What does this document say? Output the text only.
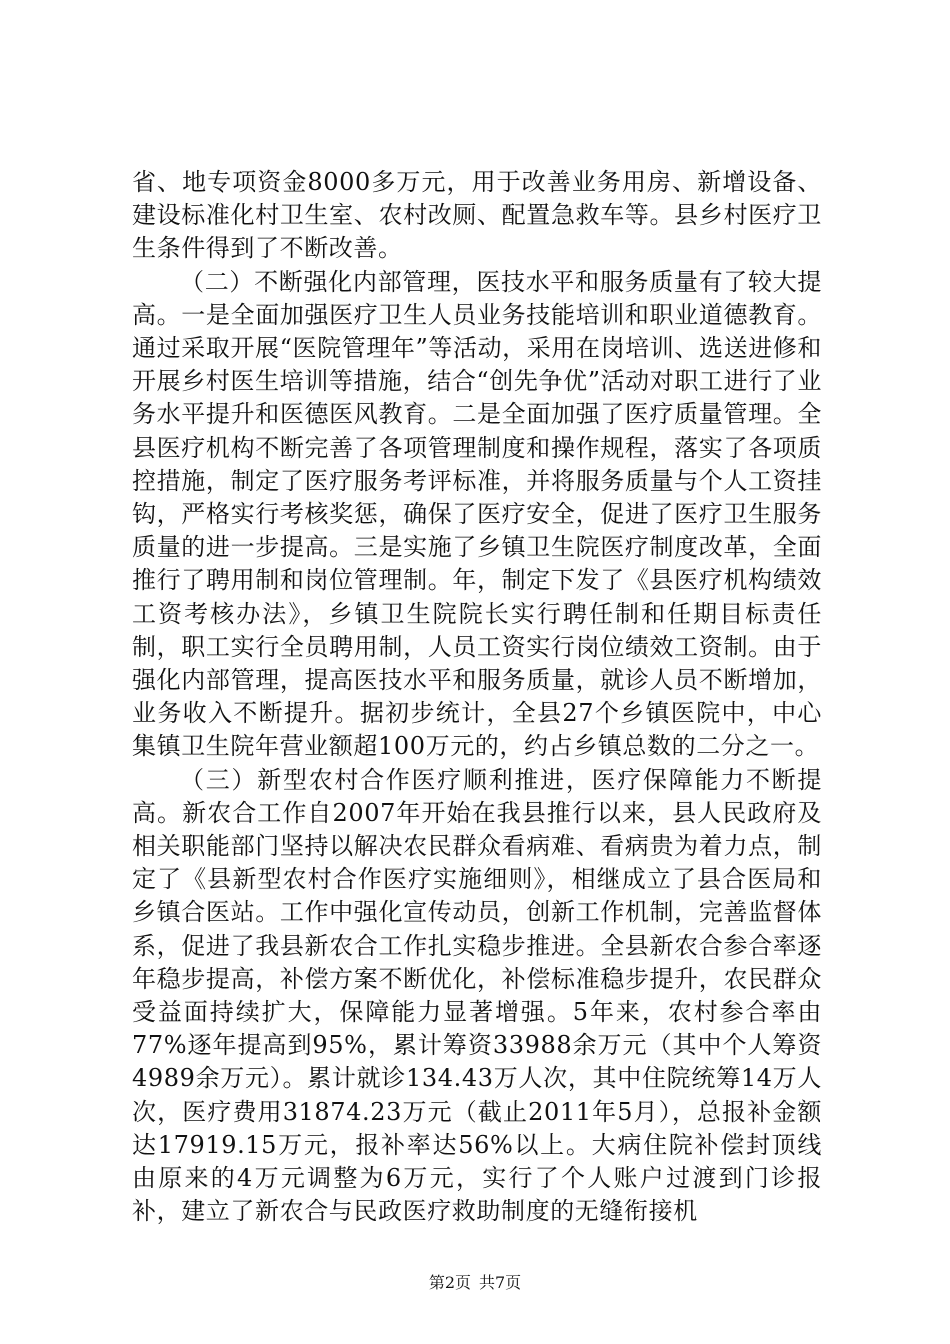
省、地专项资金8000多万元，用于改善业务用房、新增设备、建设标准化村卫生室、农村改厕、配置急救车等。县乡村医疗卫生条件得到了不断改善。

（二）不断强化内部管理，医技水平和服务质量有了较大提高。一是全面加强医疗卫生人员业务技能培训和职业道德教育。通过采取开展“医院管理年”等活动，采用在岗培训、选送进修和开展乡村医生培训等措施，结合“创先争优”活动对职工进行了业务水平提升和医德医风教育。二是全面加强了医疗质量管理。全县医疗机构不断完善了各项管理制度和操作规程，落实了各项质控措施，制定了医疗服务考评标准，并将服务质量与个人工资挂钩，严格实行考核奖惩，确保了医疗安全，促进了医疗卫生服务质量的进一步提高。三是实施了乡镇卫生院医疗制度改革，全面推行了聘用制和岗位管理制。年，制定下发了《县医疗机构绩效工资考核办法》，乡镇卫生院院长实行聘任制和任期目标责任制，职工实行全员聘用制，人员工资实行岗位绩效工资制。由于强化内部管理，提高医技水平和服务质量，就诊人员不断增加，业务收入不断提升。据初步统计，全县27个乡镇医院中，中心集镇卫生院年营业额超100万元的，约占乡镇总数的二分之一。

（三）新型农村合作医疗顺利推进，医疗保障能力不断提高。新农合工作自2007年开始在我县推行以来，县人民政府及相关职能部门坚持以解决农民群众看病难、看病贵为着力点，制定了《县新型农村合作医疗实施细则》，相继成立了县合医局和乡镇合医站。工作中强化宣传动员，创新工作机制，完善监督体系，促进了我县新农合工作扎实稳步推进。全县新农合参合率逐年稳步提高，补偿方案不断优化，补偿标准稳步提升，农民群众受益面持续扩大，保障能力显著增强。5年来，农村参合率由77%逐年提高到95%，累计筹资33988余万元（其中个人筹资4989余万元）。累计就诊134.43万人次，其中住院统筹14万人次，医疗费用31874.23万元（截止2011年5月），总报补金额达17919.15万元，报补率达56%以上。大病住院补偿封顶线由原来的4万元调整为6万元，实行了个人账户过渡到门诊报补，建立了新农合与民政医疗救助制度的无缝衔接机

第2页 共7页
